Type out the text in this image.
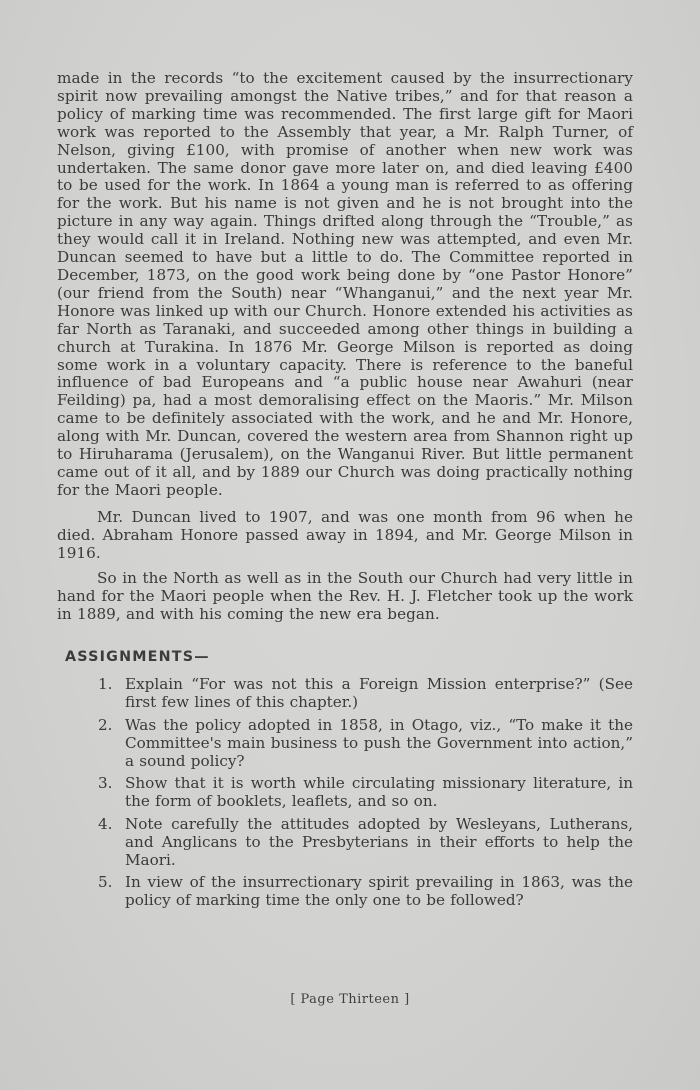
made in the records “to the excitement caused by the insurrectionary spirit now prevailing amongst the Native tribes,” and for that reason a policy of marking time was recommended. The first large gift for Maori work was reported to the Assembly that year, a Mr. Ralph Turner, of Nelson, giving £100, with promise of another when new work was undertaken. The same donor gave more later on, and died leaving £400 to be used for the work. In 1864 a young man is referred to as offering for the work. But his name is not given and he is not brought into the picture in any way again. Things drifted along through the “Trouble,” as they would call it in Ireland. Nothing new was attempted, and even Mr. Duncan seemed to have but a little to do. The Committee reported in December, 1873, on the good work being done by “one Pastor Honore” (our friend from the South) near “Whanganui,” and the next year Mr. Honore was linked up with our Church. Honore extended his activities as far North as Taranaki, and succeeded among other things in building a church at Turakina. In 1876 Mr. George Milson is reported as doing some work in a voluntary capacity. There is reference to the baneful influence of bad Europeans and “a public house near Awahuri (near Feilding) pa, had a most demoralising effect on the Maoris.” Mr. Milson came to be definitely associated with the work, and he and Mr. Honore, along with Mr. Duncan, covered the western area from Shannon right up to Hiruharama (Jerusalem), on the Wanganui River. But little permanent came out of it all, and by 1889 our Church was doing practically nothing for the Maori people.

Mr. Duncan lived to 1907, and was one month from 96 when he died. Abraham Honore passed away in 1894, and Mr. George Milson in 1916.

So in the North as well as in the South our Church had very little in hand for the Maori people when the Rev. H. J. Fletcher took up the work in 1889, and with his coming the new era began.

ASSIGNMENTS—
1. Explain “For was not this a Foreign Mission enterprise?” (See first few lines of this chapter.)
2. Was the policy adopted in 1858, in Otago, viz., “To make it the Committee's main business to push the Government into action,” a sound policy?
3. Show that it is worth while circulating missionary literature, in the form of booklets, leaflets, and so on.
4. Note carefully the attitudes adopted by Wesleyans, Lutherans, and Anglicans to the Presbyterians in their efforts to help the Maori.
5. In view of the insurrectionary spirit prevailing in 1863, was the policy of marking time the only one to be followed?
[ Page Thirteen ]
